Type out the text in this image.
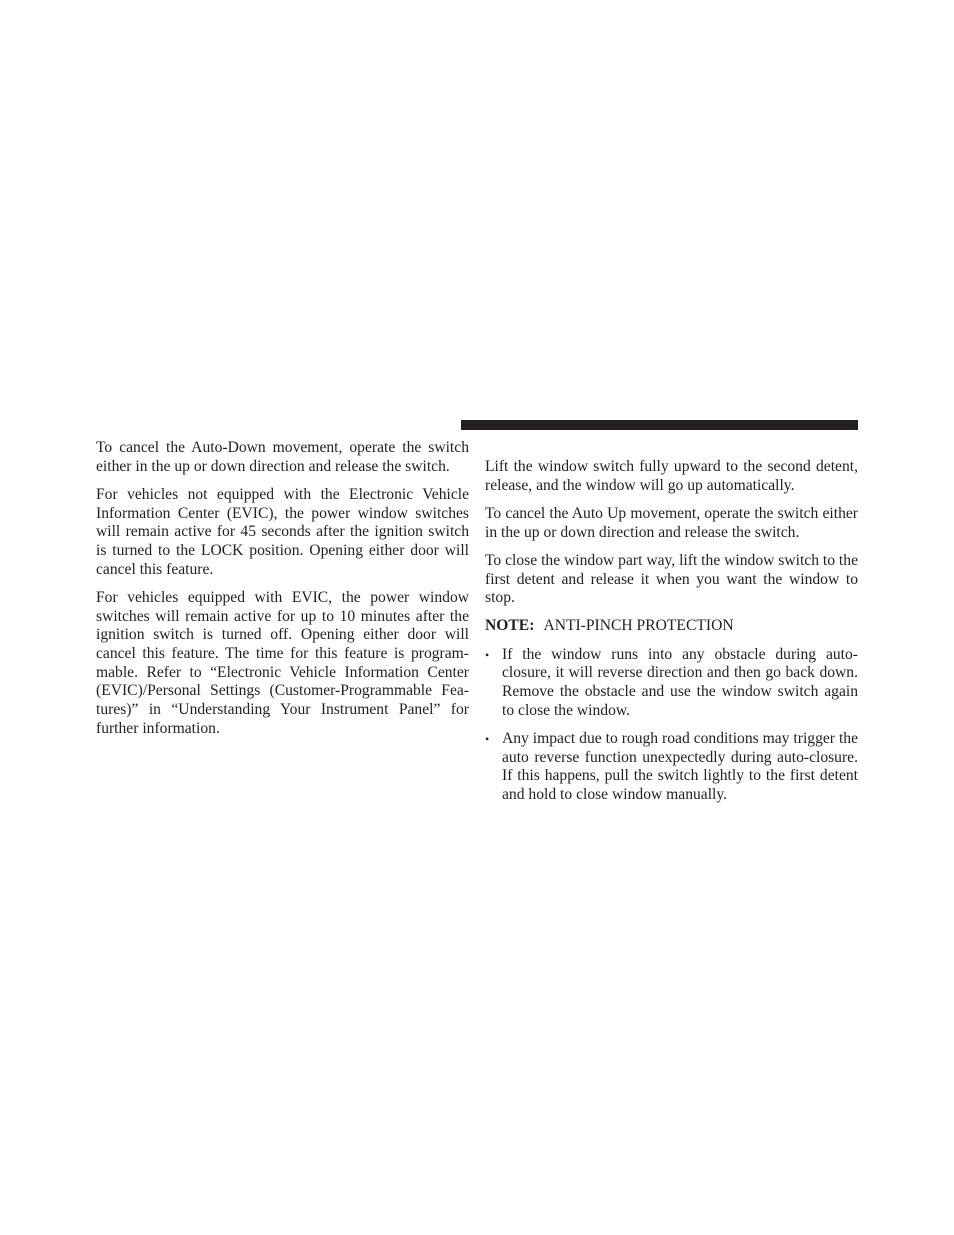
To cancel the Auto-Down movement, operate the switch either in the up or down direction and release the switch.

For vehicles not equipped with the Electronic Vehicle Information Center (EVIC), the power window switches will remain active for 45 seconds after the ignition switch is turned to the LOCK position. Opening either door will cancel this feature.

For vehicles equipped with EVIC, the power window switches will remain active for up to 10 minutes after the ignition switch is turned off. Opening either door will cancel this feature. The time for this feature is programmable. Refer to “Electronic Vehicle Information Center (EVIC)/Personal Settings (Customer-Programmable Features)” in “Understanding Your Instrument Panel” for further information.

Lift the window switch fully upward to the second detent, release, and the window will go up automatically.

To cancel the Auto Up movement, operate the switch either in the up or down direction and release the switch.

To close the window part way, lift the window switch to the first detent and release it when you want the window to stop.

NOTE: ANTI-PINCH PROTECTION
• If the window runs into any obstacle during auto-closure, it will reverse direction and then go back down. Remove the obstacle and use the window switch again to close the window.
• Any impact due to rough road conditions may trigger the auto reverse function unexpectedly during auto-closure. If this happens, pull the switch lightly to the first detent and hold to close window manually.
